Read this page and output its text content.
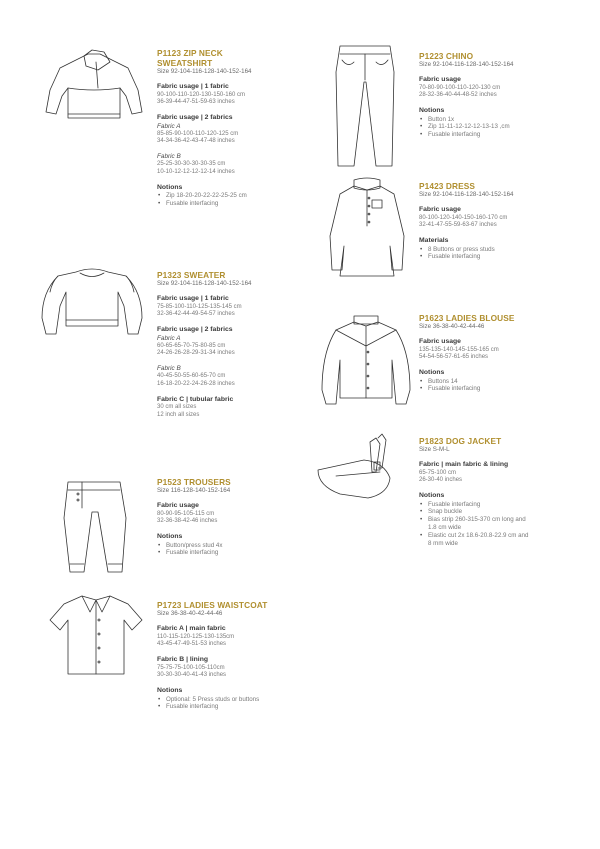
P1123 ZIP NECK
SWEATSHIRT
Size 92-104-116-128-140-152-164
Fabric usage | 1 fabric
90-100-110-120-130-150-160 cm
36-39-44-47-51-59-63 inches
Fabric usage | 2 fabrics
Fabric A
85-85-90-100-110-120-125 cm
34-34-36-42-43-47-48 inches
Fabric B
25-25-30-30-30-30-35 cm
10-10-12-12-12-12-14 inches
Notions
• Zip 18-20-20-22-22-25-25 cm
• Fusable interfacing
P1323 SWEATER
Size 92-104-116-128-140-152-164
Fabric usage | 1 fabric
75-85-100-110-125-135-145 cm
32-36-42-44-49-54-57 inches
Fabric usage | 2 fabrics
Fabric A
60-65-65-70-75-80-85 cm
24-26-26-28-29-31-34 inches
Fabric B
40-45-50-55-60-65-70 cm
16-18-20-22-24-26-28 inches
Fabric C | tubular fabric
30 cm all sizes
12 inch all sizes
P1523 TROUSERS
Size 116-128-140-152-164
Fabric usage
80-90-95-105-115 cm
32-36-38-42-46 inches
Notions
• Button/press stud 4x
• Fusable interfacing
P1723 LADIES WAISTCOAT
Size 36-38-40-42-44-46
Fabric A | main fabric
110-115-120-125-130-135cm
43-45-47-49-51-53 inches
Fabric B | lining
75-75-75-100-105-110cm
30-30-30-40-41-43 inches
Notions
• Optional: 5 Press studs or buttons
• Fusable interfacing
P1223 CHINO
Size 92-104-116-128-140-152-164
Fabric usage
70-80-90-100-110-120-130 cm
28-32-36-40-44-48-52 inches
Notions
• Button 1x
• Zip 11-11-12-12-12-13-13 ,cm
• Fusable interfacing
P1423 DRESS
Size 92-104-116-128-140-152-164
Fabric usage
80-100-120-140-150-160-170 cm
32-41-47-55-59-63-67 inches
Materials
• 8 Buttons or press studs
• Fusable interfacing
P1623 LADIES BLOUSE
Size 36-38-40-42-44-46
Fabric usage
135-135-140-145-155-165 cm
54-54-56-57-61-65 inches
Notions
• Buttons 14
• Fusable interfacing
P1823 DOG JACKET
Size S-M-L
Fabric | main fabric & lining
65-75-100 cm
26-30-40 inches
Notions
• Fusable interfacing
• Snap buckle
• Bias strip 260-315-370 cm long and 1.8 cm wide
• Elastic cut 2x 18.6-20.8-22.9 cm and 8 mm wide
